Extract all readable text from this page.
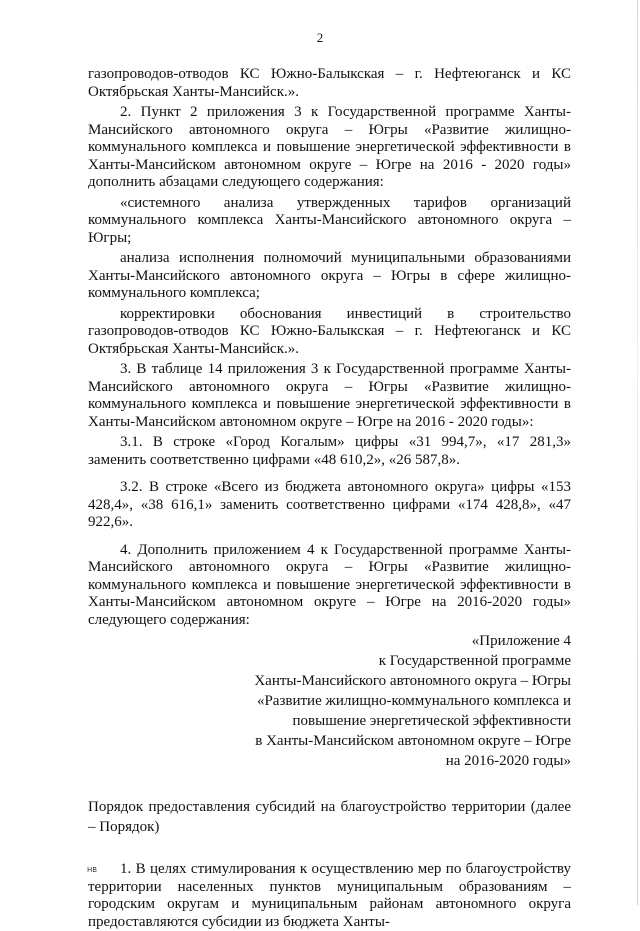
2

газопроводов-отводов КС Южно-Балыкская – г. Нефтеюганск и КС Октябрьская Ханты-Мансийск.».

2. Пункт 2 приложения 3 к Государственной программе Ханты-Мансийского автономного округа – Югры «Развитие жилищно-коммунального комплекса и повышение энергетической эффективности в Ханты-Мансийском автономном округе – Югре на 2016 - 2020 годы» дополнить абзацами следующего содержания:

«системного анализа утвержденных тарифов организаций коммунального комплекса Ханты-Мансийского автономного округа – Югры;

анализа исполнения полномочий муниципальными образованиями Ханты-Мансийского автономного округа – Югры в сфере жилищно-коммунального комплекса;

корректировки обоснования инвестиций в строительство газопроводов-отводов КС Южно-Балыкская – г. Нефтеюганск и КС Октябрьская Ханты-Мансийск.».

3. В таблице 14 приложения 3 к Государственной программе Ханты-Мансийского автономного округа – Югры «Развитие жилищно-коммунального комплекса и повышение энергетической эффективности в Ханты-Мансийском автономном округе – Югре на 2016 - 2020 годы»:

3.1. В строке «Город Когалым» цифры «31 994,7», «17 281,3» заменить соответственно цифрами «48 610,2», «26 587,8».

3.2. В строке «Всего из бюджета автономного округа» цифры «153 428,4», «38 616,1» заменить соответственно цифрами «174 428,8», «47 922,6».

4. Дополнить приложением 4 к Государственной программе Ханты-Мансийского автономного округа – Югры «Развитие жилищно-коммунального комплекса и повышение энергетической эффективности в Ханты-Мансийском автономном округе – Югре на 2016-2020 годы» следующего содержания:

«Приложение 4
к Государственной программе
Ханты-Мансийского автономного округа – Югры
«Развитие жилищно-коммунального комплекса и
повышение энергетической эффективности
в Ханты-Мансийском автономном округе – Югре
на 2016-2020 годы»

Порядок предоставления субсидий на благоустройство территории (далее – Порядок)

1. В целях стимулирования к осуществлению мер по благоустройству территории населенных пунктов муниципальным образованиям – городским округам и муниципальным районам автономного округа предоставляются субсидии из бюджета Ханты-

НВ
